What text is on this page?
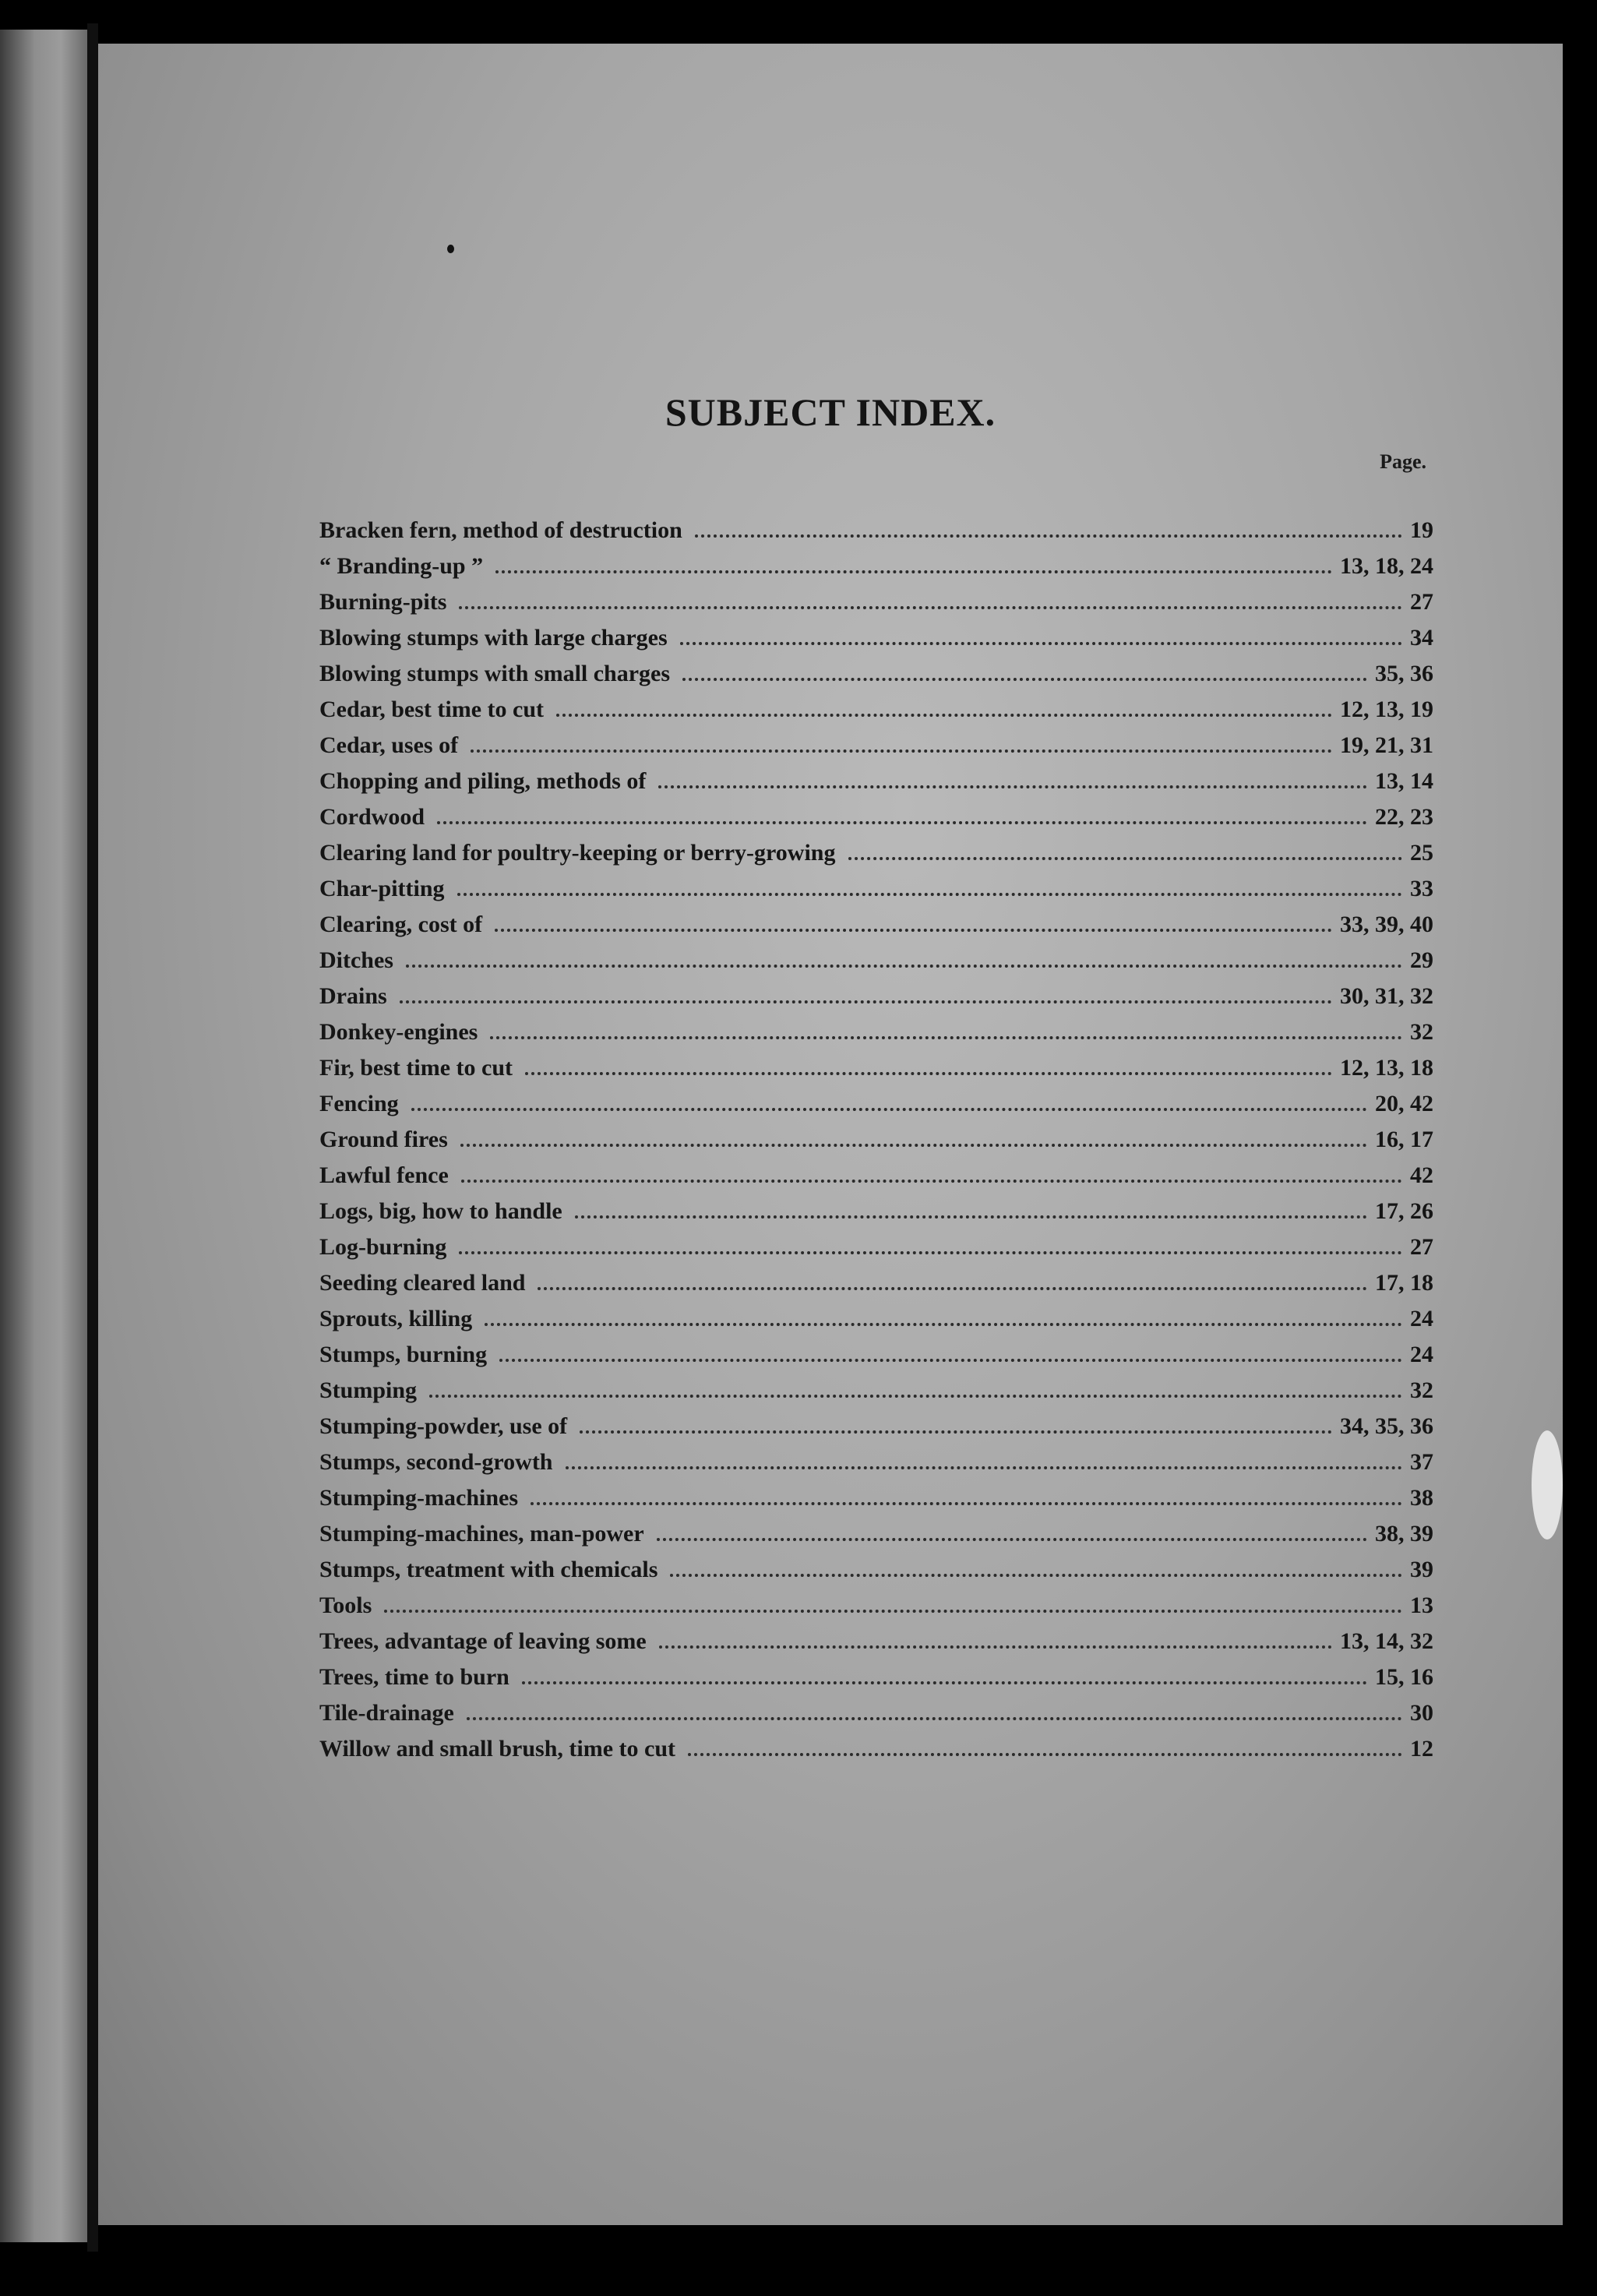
SUBJECT INDEX.
Page.
Bracken fern, method of destruction	19
“ Branding-up ”	13, 18, 24
Burning-pits	27
Blowing stumps with large charges	34
Blowing stumps with small charges	35, 36
Cedar, best time to cut	12, 13, 19
Cedar, uses of	19, 21, 31
Chopping and piling, methods of	13, 14
Cordwood	22, 23
Clearing land for poultry-keeping or berry-growing	25
Char-pitting	33
Clearing, cost of	33, 39, 40
Ditches	29
Drains	30, 31, 32
Donkey-engines	32
Fir, best time to cut	12, 13, 18
Fencing	20, 42
Ground fires	16, 17
Lawful fence	42
Logs, big, how to handle	17, 26
Log-burning	27
Seeding cleared land	17, 18
Sprouts, killing	24
Stumps, burning	24
Stumping	32
Stumping-powder, use of	34, 35, 36
Stumps, second-growth	37
Stumping-machines	38
Stumping-machines, man-power	38, 39
Stumps, treatment with chemicals	39
Tools	13
Trees, advantage of leaving some	13, 14, 32
Trees, time to burn	15, 16
Tile-drainage	30
Willow and small brush, time to cut	12
